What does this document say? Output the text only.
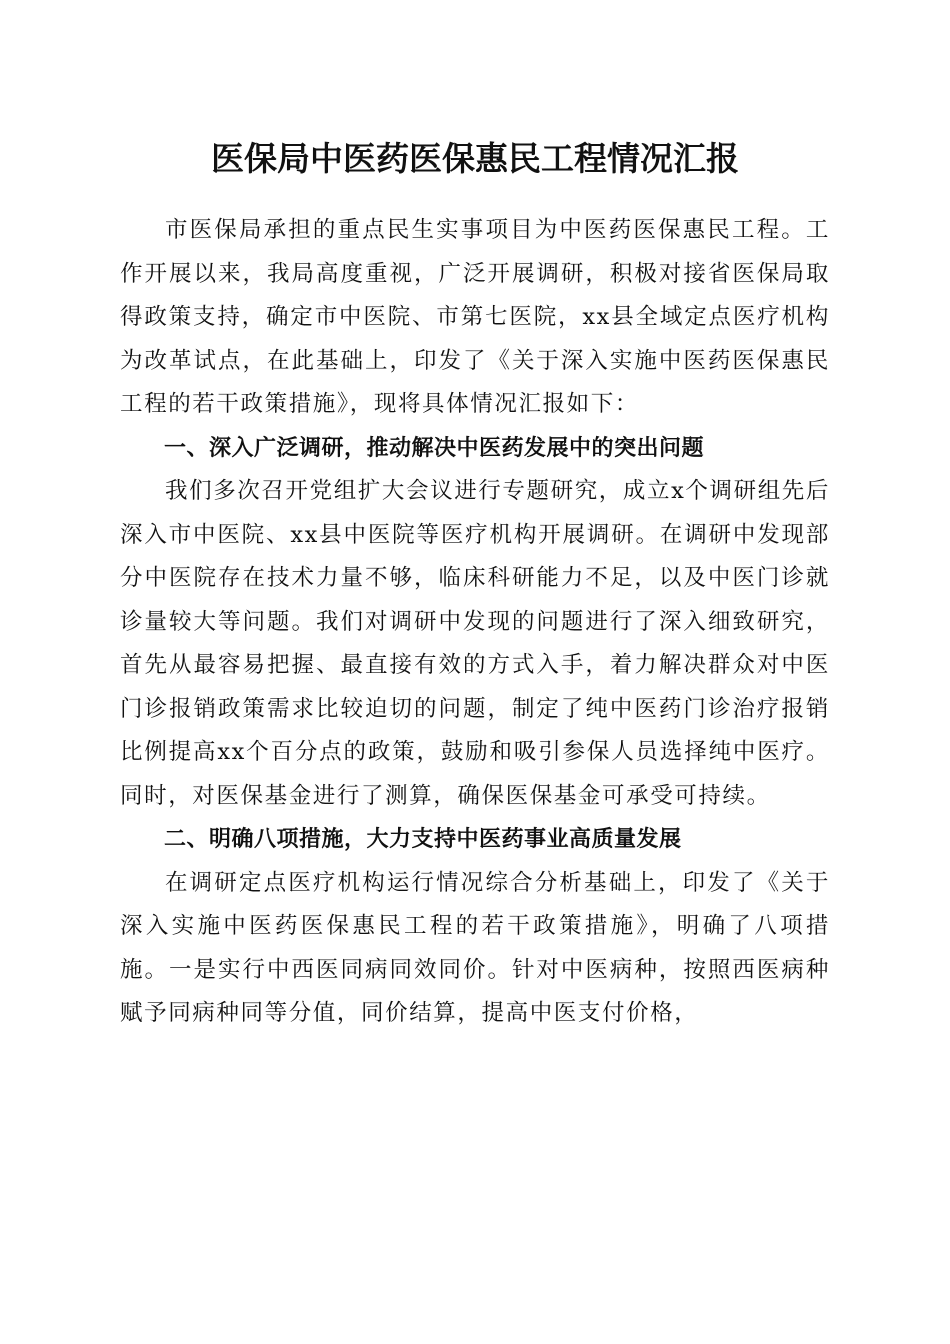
医保局中医药医保惠民工程情况汇报

市医保局承担的重点民生实事项目为中医药医保惠民工程。工作开展以来，我局高度重视，广泛开展调研，积极对接省医保局取得政策支持，确定市中医院、市第七医院，xx县全域定点医疗机构为改革试点，在此基础上，印发了《关于深入实施中医药医保惠民工程的若干政策措施》，现将具体情况汇报如下：

一、深入广泛调研，推动解决中医药发展中的突出问题

我们多次召开党组扩大会议进行专题研究，成立x个调研组先后深入市中医院、xx县中医院等医疗机构开展调研。在调研中发现部分中医院存在技术力量不够，临床科研能力不足，以及中医门诊就诊量较大等问题。我们对调研中发现的问题进行了深入细致研究，首先从最容易把握、最直接有效的方式入手，着力解决群众对中医门诊报销政策需求比较迫切的问题，制定了纯中医药门诊治疗报销比例提高xx个百分点的政策，鼓励和吸引参保人员选择纯中医疗。同时，对医保基金进行了测算，确保医保基金可承受可持续。

二、明确八项措施，大力支持中医药事业高质量发展

在调研定点医疗机构运行情况综合分析基础上，印发了《关于深入实施中医药医保惠民工程的若干政策措施》，明确了八项措施。一是实行中西医同病同效同价。针对中医病种，按照西医病种赋予同病种同等分值，同价结算，提高中医支付价格，
